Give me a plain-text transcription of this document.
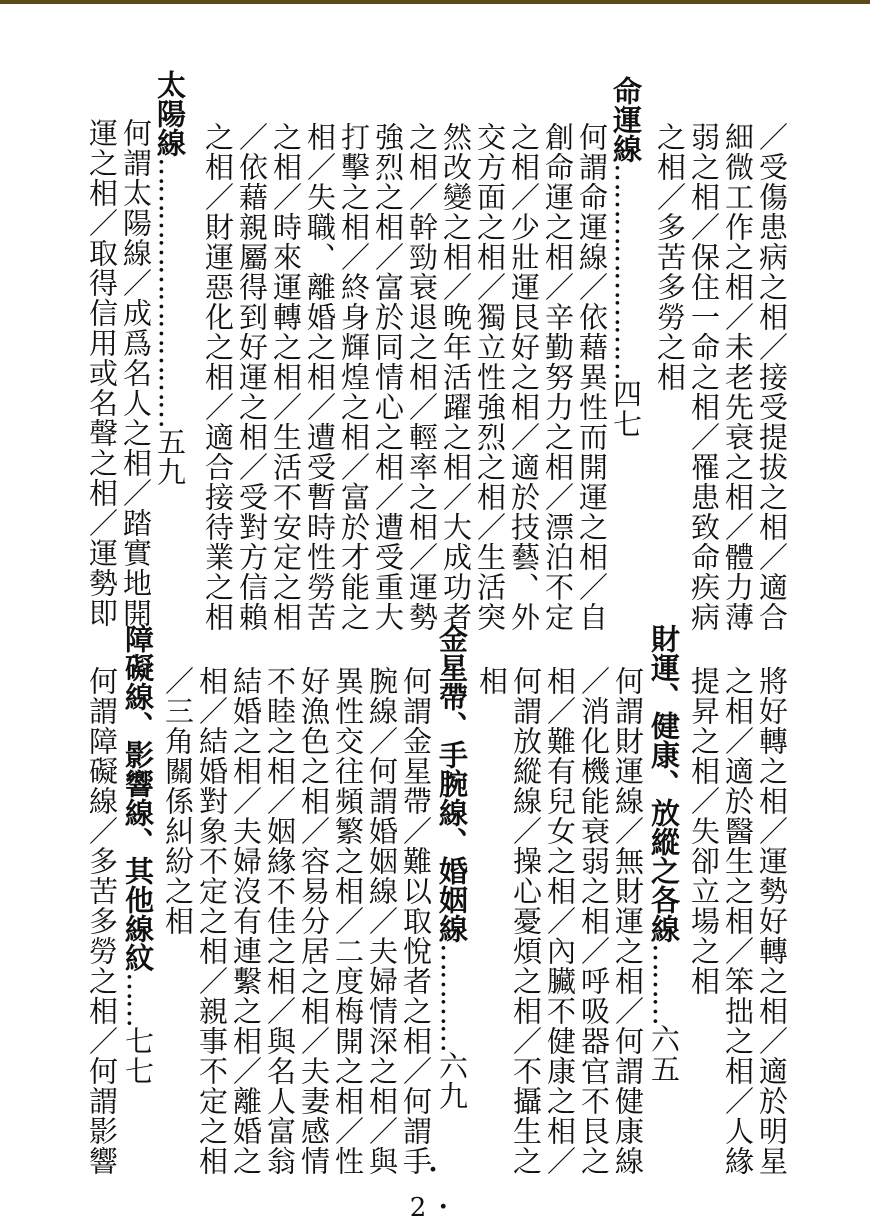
／受傷患病之相／接受提拔之相／適合
細微工作之相／未老先衰之相／體力薄
弱之相／保住一命之相／罹患致命疾病
之相／多苦多勞之相
命運線……………………四七
何謂命運線／依藉異性而開運之相／自
創命運之相／辛勤努力之相／漂泊不定
之相／少壯運艮好之相／適於技藝、外
交方面之相／獨立性強烈之相／生活突
然改變之相／晚年活躍之相／大成功者
之相／幹勁衰退之相／輕率之相／運勢
強烈之相／富於同情心之相／遭受重大
打擊之相／終身輝煌之相／富於才能之
相／失職、離婚之相／遭受暫時性勞苦
之相／時來運轉之相／生活不安定之相
／依藉親屬得到好運之相／受對方信賴
之相／財運惡化之相／適合接待業之相
太陽線…………………………五九
何謂太陽線／成爲名人之相／踏實地開
運之相／取得信用或名聲之相／運勢即
將好轉之相／運勢好轉之相／適於明星
之相／適於醫生之相／笨拙之相／人緣
提昇之相／失卻立場之相
財運、健康、放縱之各線………六五
何謂財運線／無財運之相／何謂健康線
／消化機能衰弱之相／呼吸器官不艮之
相／難有兒女之相／內臟不健康之相／
何謂放縱線／操心憂煩之相／不攝生之
相
金星帶、手腕線、婚姻線…………六九
何謂金星帶／難以取悅者之相／何謂手
腕線／何謂婚姻線／夫婦情深之相／與
異性交往頻繁之相／二度梅開之相／性
好漁色之相／容易分居之相／夫妻感情
不睦之相／姻緣不佳之相／與名人富翁
結婚之相／夫婦沒有連繫之相／離婚之
相／結婚對象不定之相／親事不定之相
／三角關係糾紛之相
障礙線、影響線、其他線紋……七七
何謂障礙線／多苦多勞之相／何謂影響	・2・
